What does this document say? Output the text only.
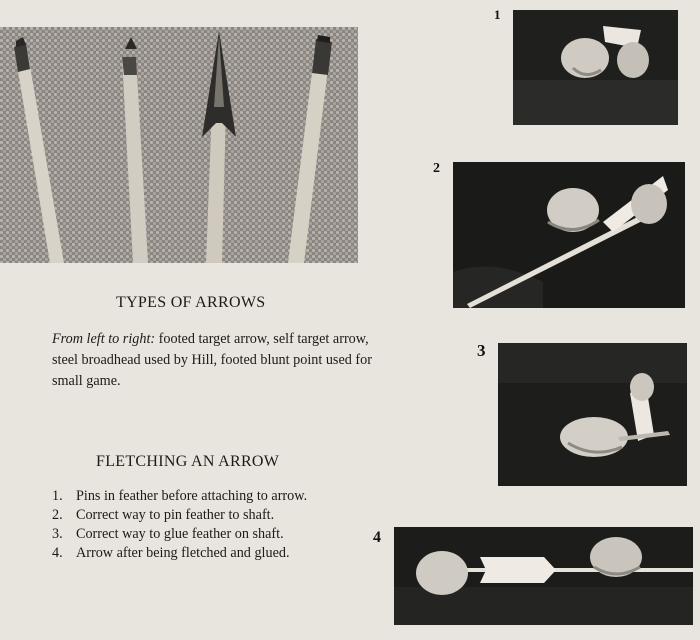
1
2
3
4
TYPES OF ARROWS
From left to right: footed target arrow, self target arrow, steel broadhead used by Hill, footed blunt point used for small game.
FLETCHING AN ARROW
1. Pins in feather before attaching to arrow.
2. Correct way to pin feather to shaft.
3. Correct way to glue feather on shaft.
4. Arrow after being fletched and glued.
